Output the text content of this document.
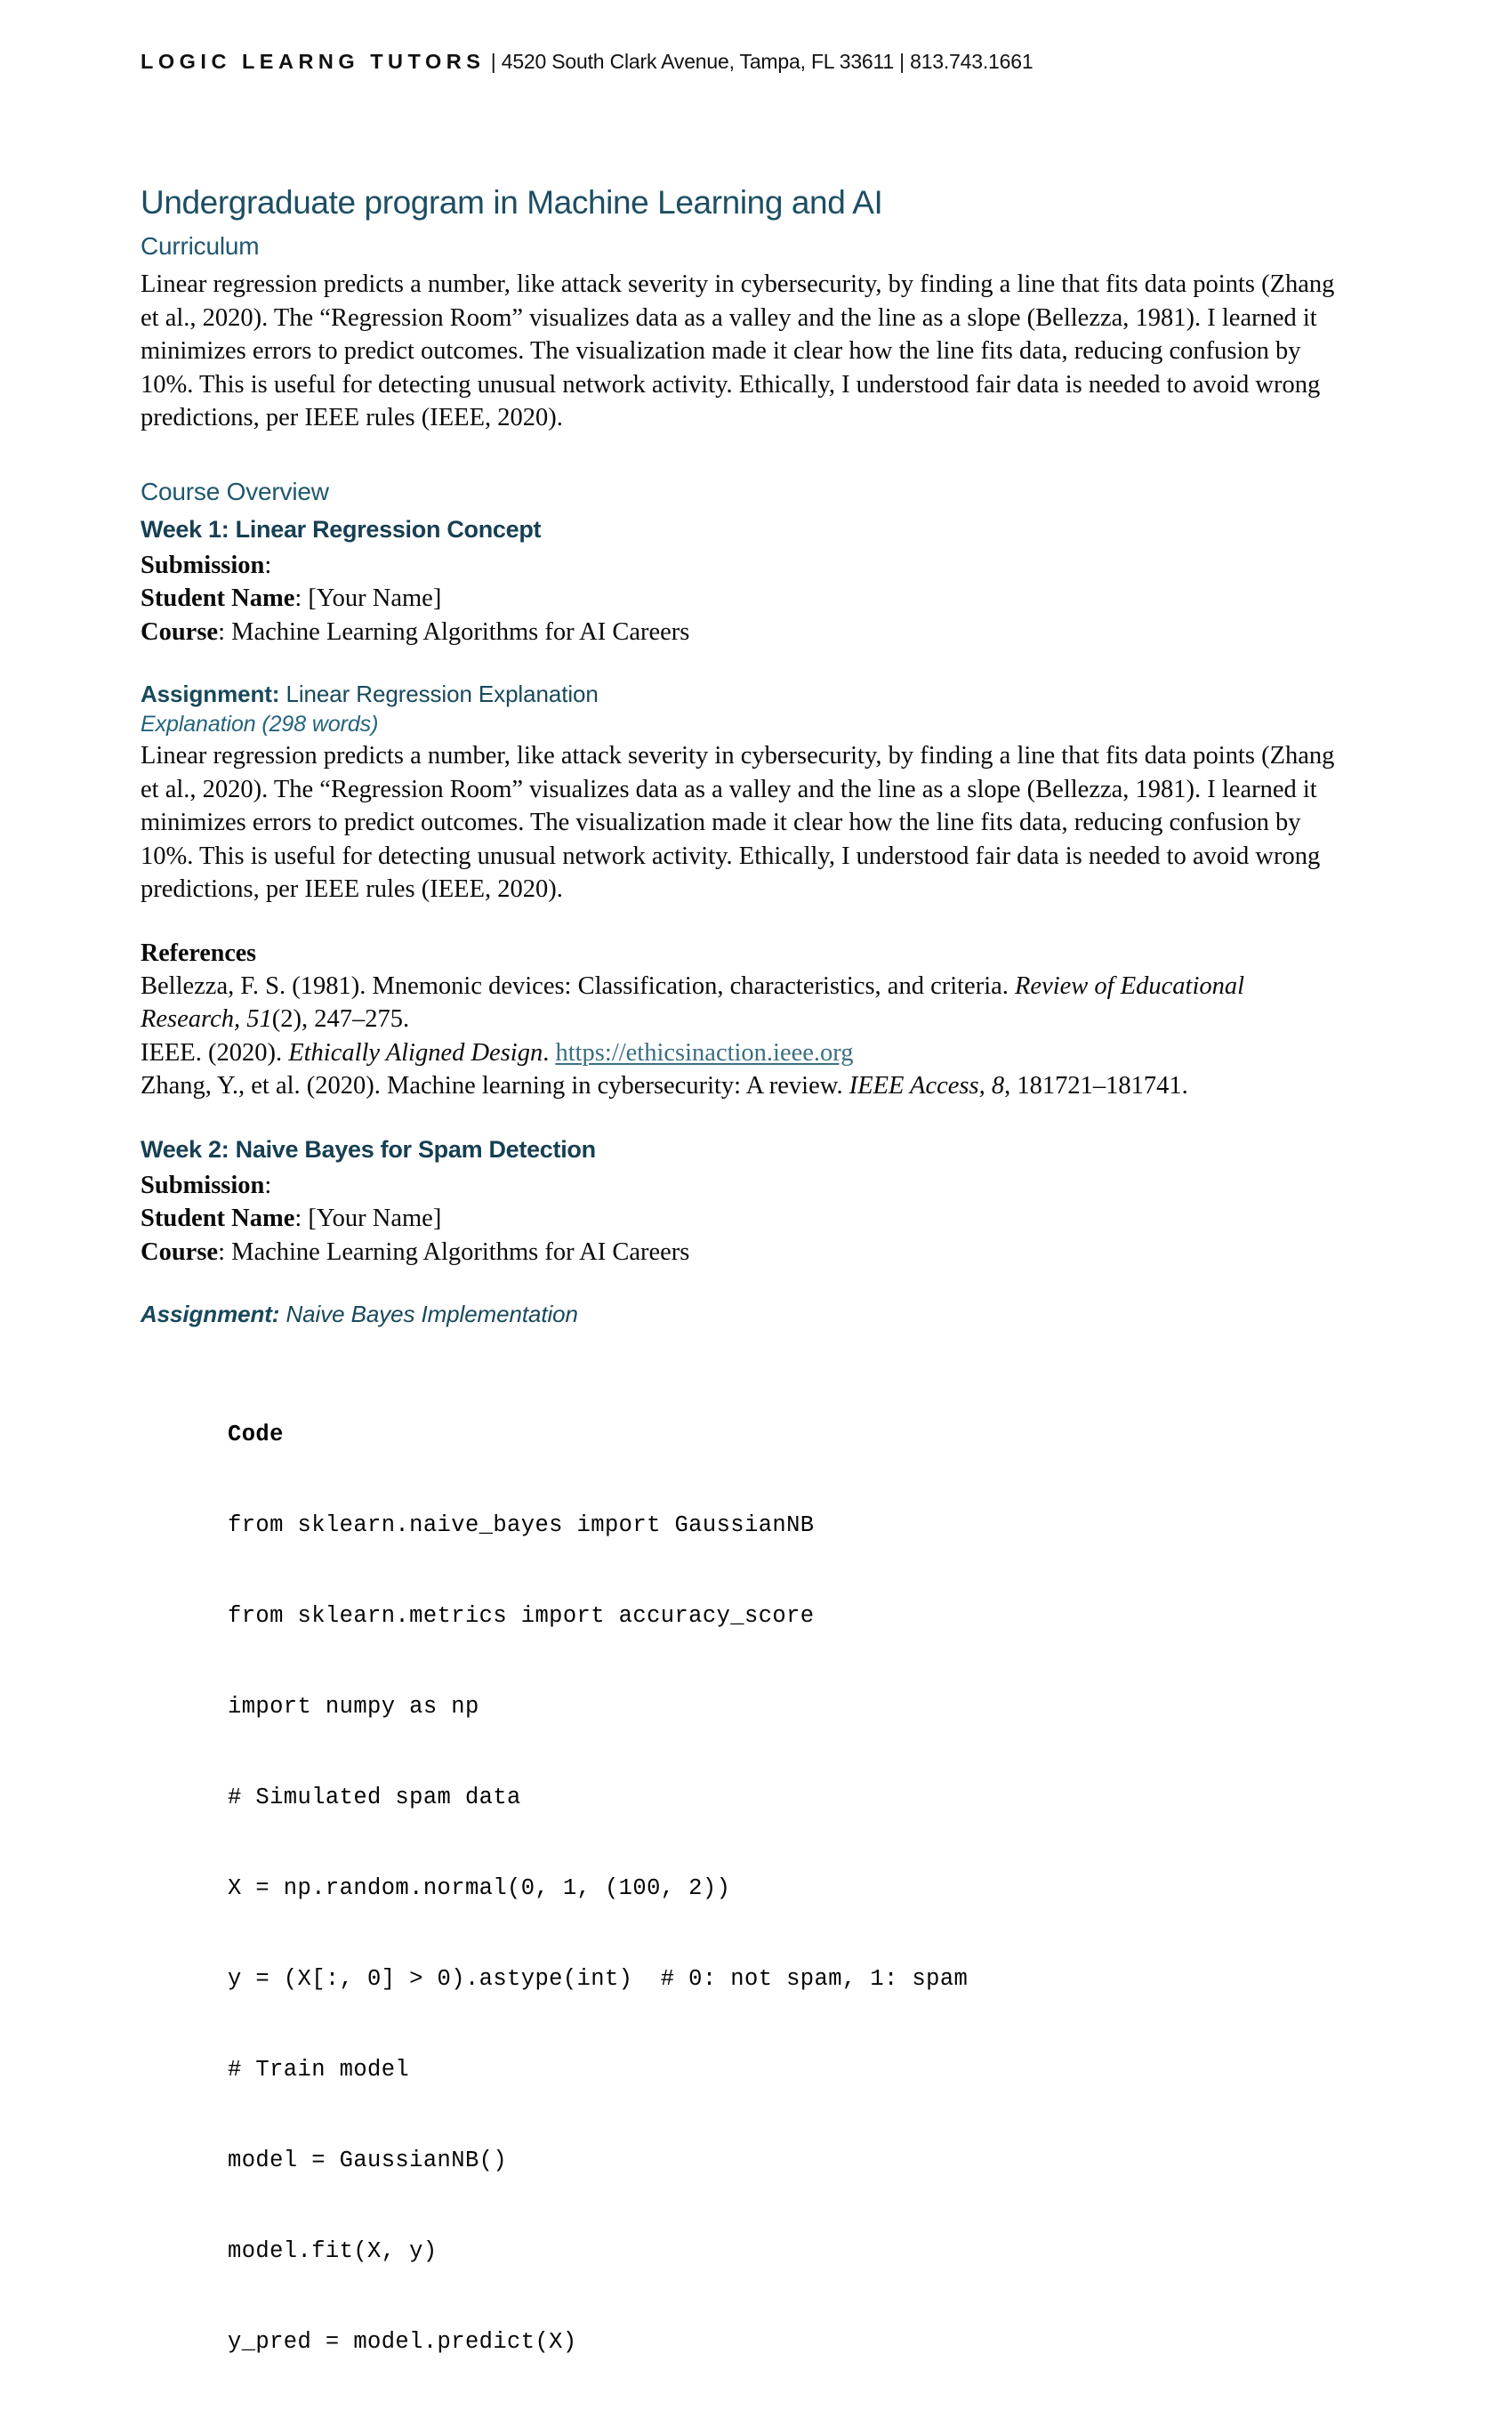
LOGIC LEARNG TUTORS | 4520 South Clark Avenue, Tampa, FL 33611 | 813.743.1661
Undergraduate program in Machine Learning and AI
Curriculum

Linear regression predicts a number, like attack severity in cybersecurity, by finding a line that fits data points (Zhang et al., 2020). The “Regression Room” visualizes data as a valley and the line as a slope (Bellezza, 1981). I learned it minimizes errors to predict outcomes. The visualization made it clear how the line fits data, reducing confusion by 10%. This is useful for detecting unusual network activity. Ethically, I understood fair data is needed to avoid wrong predictions, per IEEE rules (IEEE, 2020).

Course Overview
Week 1: Linear Regression Concept
Submission:
Student Name: [Your Name]
Course: Machine Learning Algorithms for AI Careers
Assignment: Linear Regression Explanation
Explanation (298 words)

Linear regression predicts a number, like attack severity in cybersecurity, by finding a line that fits data points (Zhang et al., 2020). The “Regression Room” visualizes data as a valley and the line as a slope (Bellezza, 1981). I learned it minimizes errors to predict outcomes. The visualization made it clear how the line fits data, reducing confusion by 10%. This is useful for detecting unusual network activity. Ethically, I understood fair data is needed to avoid wrong predictions, per IEEE rules (IEEE, 2020).

References
Bellezza, F. S. (1981). Mnemonic devices: Classification, characteristics, and criteria. Review of Educational Research, 51(2), 247–275.
IEEE. (2020). Ethically Aligned Design. https://ethicsinaction.ieee.org
Zhang, Y., et al. (2020). Machine learning in cybersecurity: A review. IEEE Access, 8, 181721–181741.
Week 2: Naive Bayes for Spam Detection
Submission:
Student Name: [Your Name]
Course: Machine Learning Algorithms for AI Careers
Assignment: Naive Bayes Implementation

Code

from sklearn.naive_bayes import GaussianNB

from sklearn.metrics import accuracy_score

import numpy as np

# Simulated spam data

X = np.random.normal(0, 1, (100, 2))

y = (X[:, 0] > 0).astype(int)  # 0: not spam, 1: spam

# Train model

model = GaussianNB()

model.fit(X, y)

y_pred = model.predict(X)
